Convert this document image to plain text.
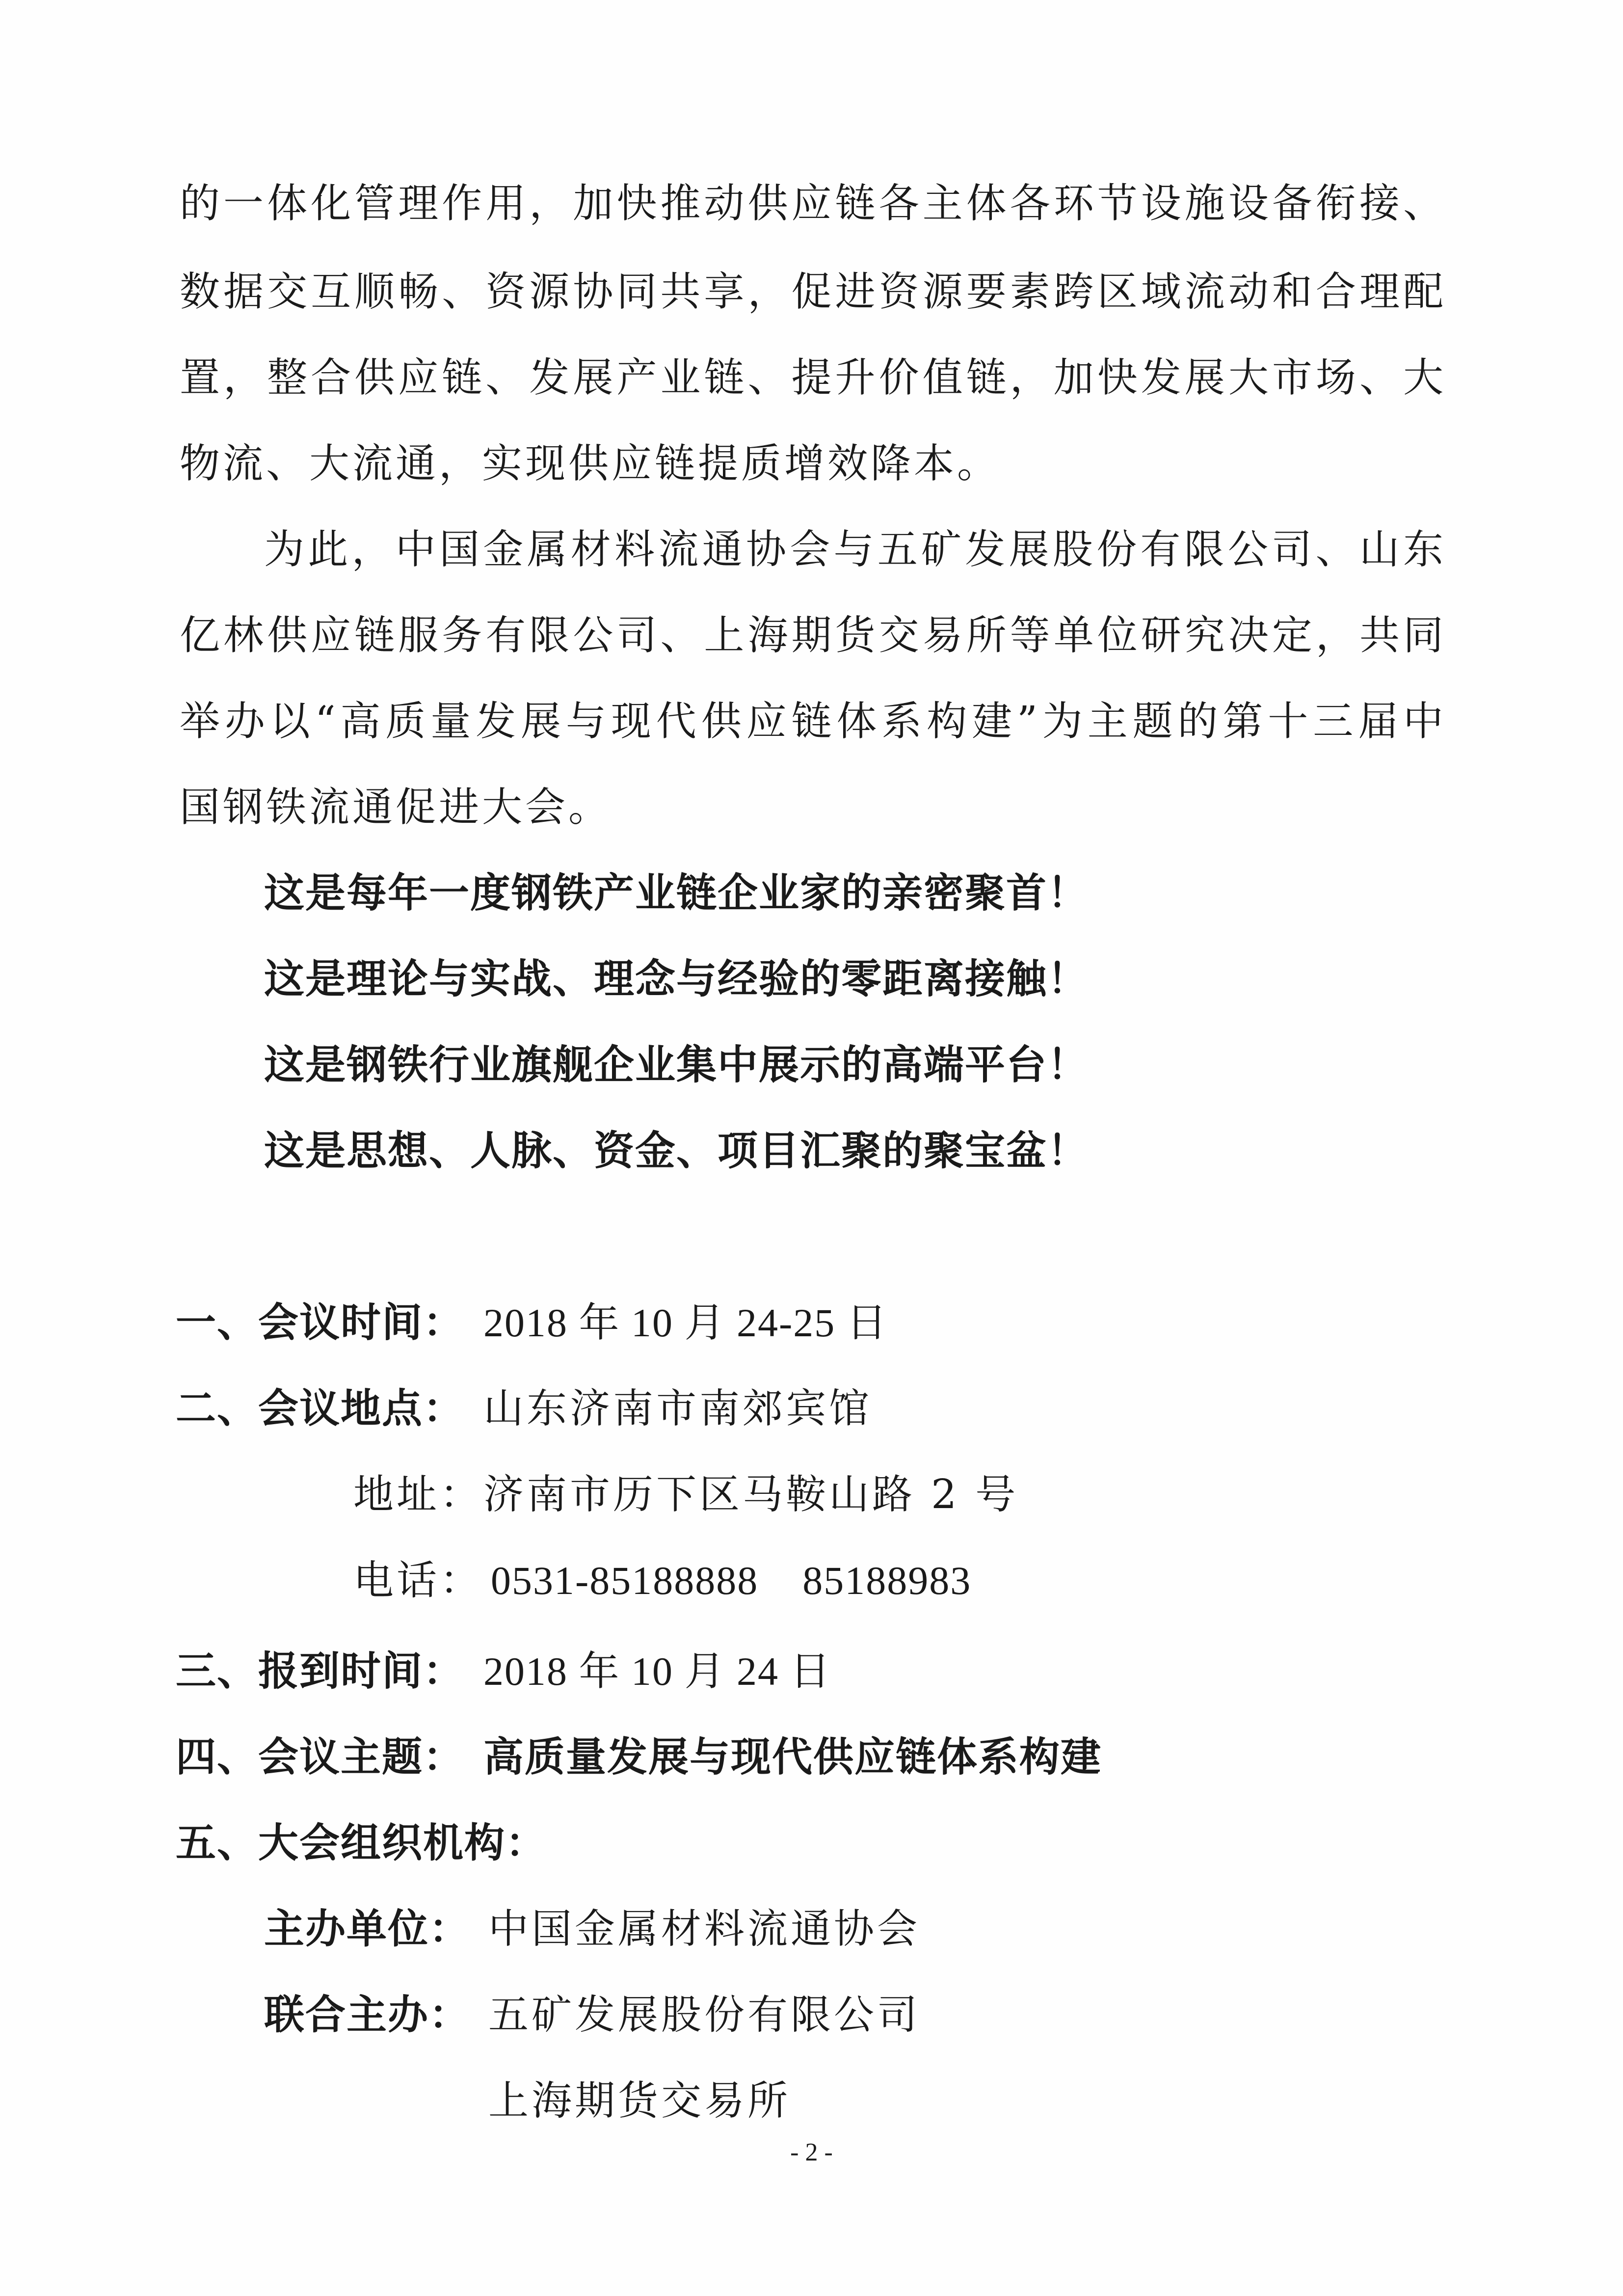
的一体化管理作用，加快推动供应链各主体各环节设施设备衔接、
数据交互顺畅、资源协同共享，促进资源要素跨区域流动和合理配
置，整合供应链、发展产业链、提升价值链，加快发展大市场、大
物流、大流通，实现供应链提质增效降本。
为此，中国金属材料流通协会与五矿发展股份有限公司、山东
亿林供应链服务有限公司、上海期货交易所等单位研究决定，共同
举办以“高质量发展与现代供应链体系构建”为主题的第十三届中
国钢铁流通促进大会。
这是每年一度钢铁产业链企业家的亲密聚首！
这是理论与实战、理念与经验的零距离接触！
这是钢铁行业旗舰企业集中展示的高端平台！
这是思想、人脉、资金、项目汇聚的聚宝盆！
一、会议时间： 2018 年 10 月 24-25 日
二、会议地点： 山东济南市南郊宾馆
地址： 济南市历下区马鞍山路 2 号
电话： 0531-85188888    85188983
三、报到时间： 2018 年 10 月 24 日
四、会议主题： 高质量发展与现代供应链体系构建
五、大会组织机构：
主办单位： 中国金属材料流通协会
联合主办： 五矿发展股份有限公司
上海期货交易所
- 2 -
